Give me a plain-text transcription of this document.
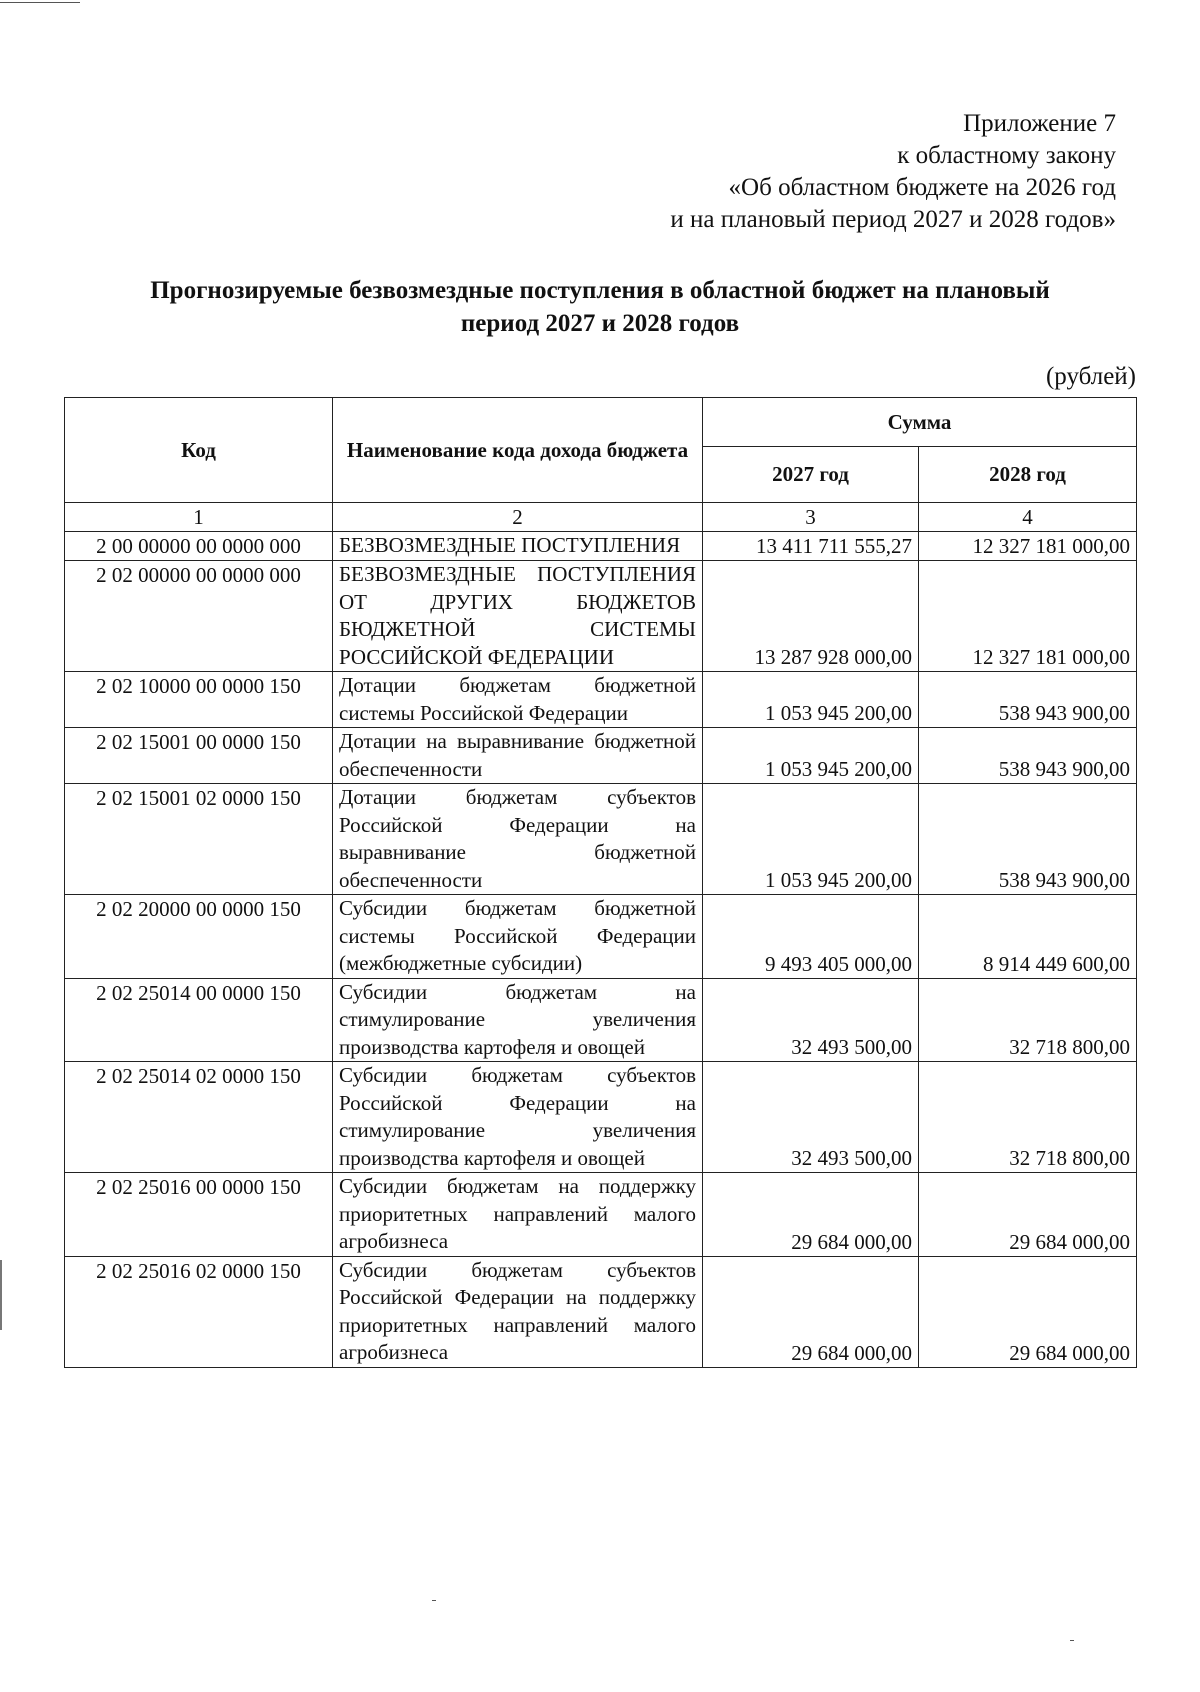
Приложение 7
к областному закону
«Об областном бюджете на 2026 год
и на плановый период 2027 и 2028 годов»
Прогнозируемые безвозмездные поступления в областной бюджет на плановый
период 2027 и 2028 годов
(рублей)
Код	Наименование кода дохода бюджета	Сумма	
		2027 год	2028 год
1	2	3	4
2 00 00000 00 0000 000	БЕЗВОЗМЕЗДНЫЕ ПОСТУПЛЕНИЯ	13 411 711 555,27	12 327 181 000,00
2 02 00000 00 0000 000	БЕЗВОЗМЕЗДНЫЕ ПОСТУПЛЕНИЯ ОТ ДРУГИХ БЮДЖЕТОВ БЮДЖЕТНОЙ СИСТЕМЫ РОССИЙСКОЙ ФЕДЕРАЦИИ	13 287 928 000,00	12 327 181 000,00
2 02 10000 00 0000 150	Дотации бюджетам бюджетной системы Российской Федерации	1 053 945 200,00	538 943 900,00
2 02 15001 00 0000 150	Дотации на выравнивание бюджетной обеспеченности	1 053 945 200,00	538 943 900,00
2 02 15001 02 0000 150	Дотации бюджетам субъектов Российской Федерации на выравнивание бюджетной обеспеченности	1 053 945 200,00	538 943 900,00
2 02 20000 00 0000 150	Субсидии бюджетам бюджетной системы Российской Федерации (межбюджетные субсидии)	9 493 405 000,00	8 914 449 600,00
2 02 25014 00 0000 150	Субсидии бюджетам на стимулирование увеличения производства картофеля и овощей	32 493 500,00	32 718 800,00
2 02 25014 02 0000 150	Субсидии бюджетам субъектов Российской Федерации на стимулирование увеличения производства картофеля и овощей	32 493 500,00	32 718 800,00
2 02 25016 00 0000 150	Субсидии бюджетам на поддержку приоритетных направлений малого агробизнеса	29 684 000,00	29 684 000,00
2 02 25016 02 0000 150	Субсидии бюджетам субъектов Российской Федерации на поддержку приоритетных направлений малого агробизнеса	29 684 000,00	29 684 000,00
